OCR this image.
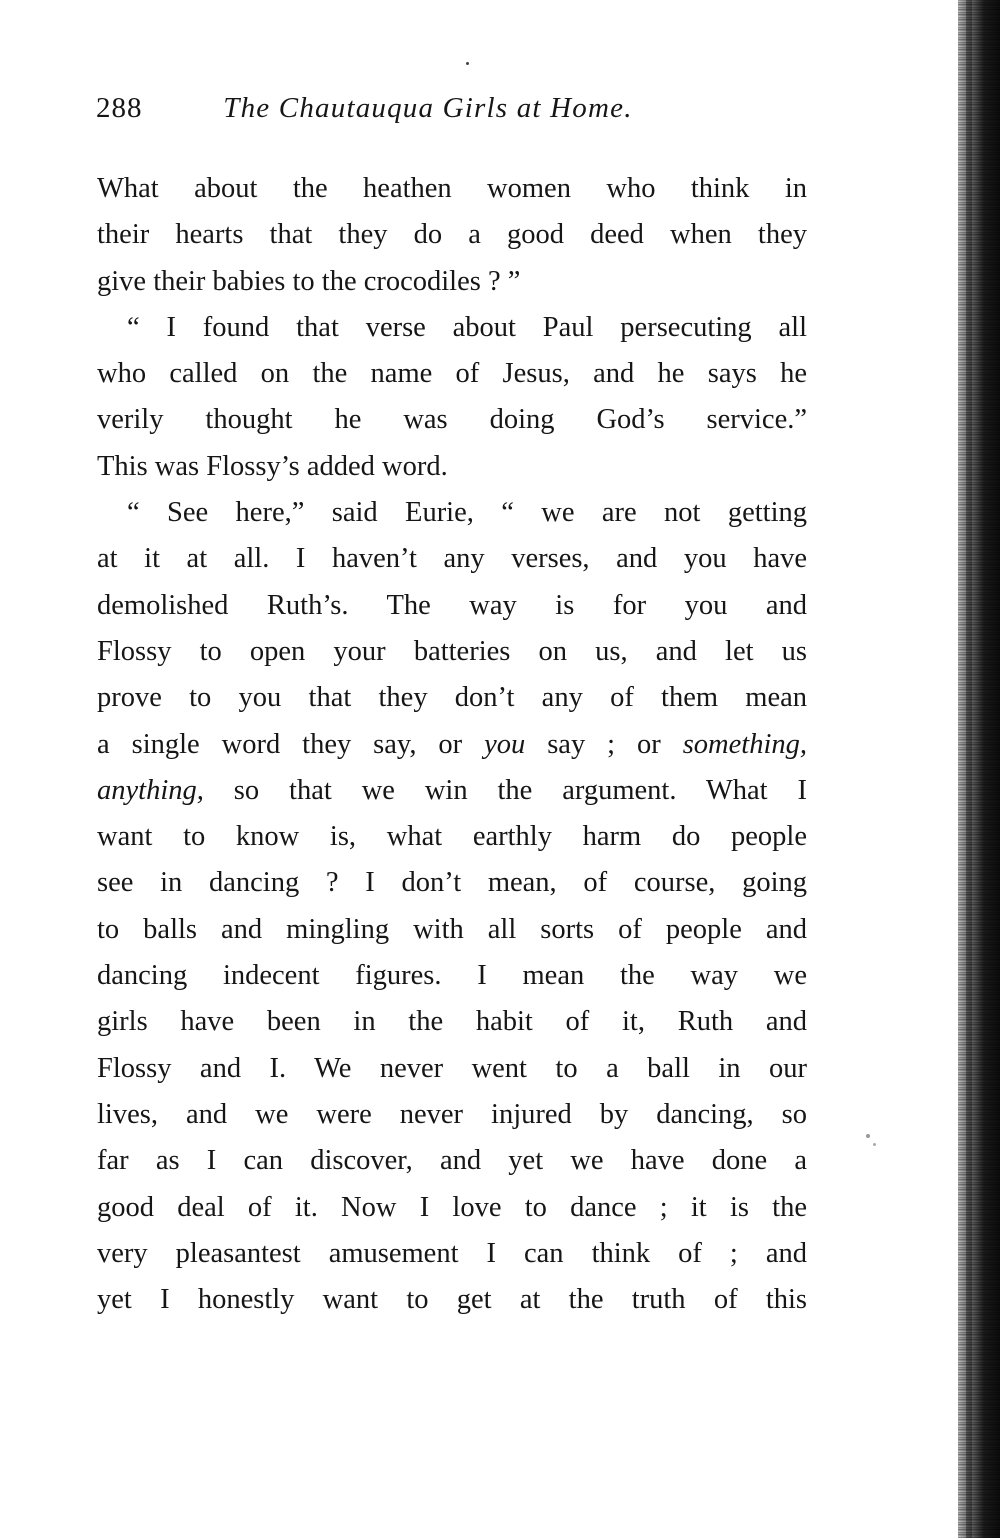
288	The Chautauqua Girls at Home.
What about the heathen women who think in
their hearts that they do a good deed when they
give their babies to the crocodiles ? ”
“ I found that verse about Paul persecuting all
who called on the name of Jesus, and he says he
verily thought he was doing God’s service.”
This was Flossy’s added word.
“ See here,” said Eurie, “ we are not getting
at it at all. I haven’t any verses, and you have
demolished Ruth’s. The way is for you and
Flossy to open your batteries on us, and let us
prove to you that they don’t any of them mean
a single word they say, or you say ; or something,
anything, so that we win the argument. What I
want to know is, what earthly harm do people
see in dancing ? I don’t mean, of course, going
to balls and mingling with all sorts of people and
dancing indecent figures. I mean the way we
girls have been in the habit of it, Ruth and
Flossy and I. We never went to a ball in our
lives, and we were never injured by dancing, so
far as I can discover, and yet we have done a
good deal of it. Now I love to dance ; it is the
very pleasantest amusement I can think of ; and
yet I honestly want to get at the truth of this
